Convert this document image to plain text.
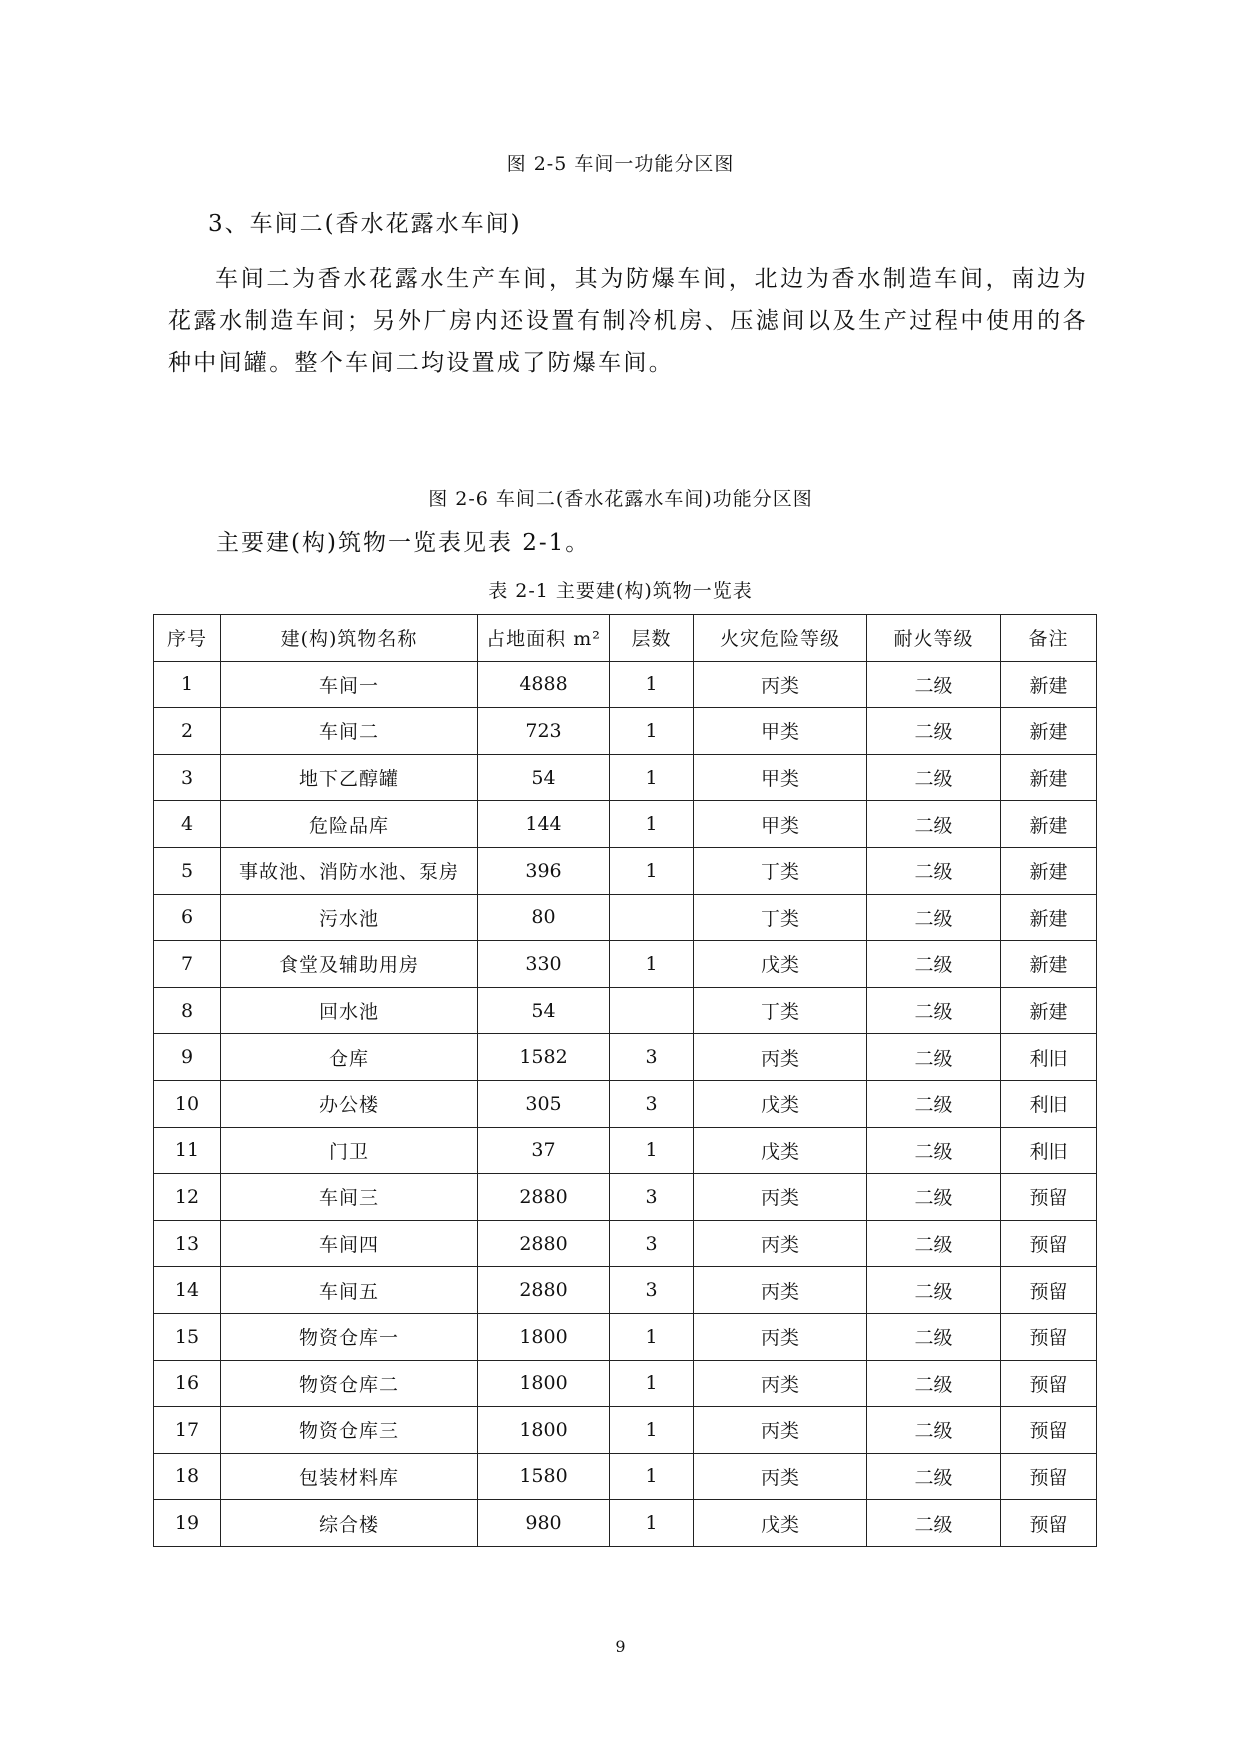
图 2-5 车间一功能分区图
3、车间二(香水花露水车间)

车间二为香水花露水生产车间，其为防爆车间，北边为香水制造车间，南边为花露水制造车间；另外厂房内还设置有制冷机房、压滤间以及生产过程中使用的各种中间罐。整个车间二均设置成了防爆车间。

图 2-6 车间二(香水花露水车间)功能分区图
主要建(构)筑物一览表见表 2-1。
表 2-1 主要建(构)筑物一览表
序号	建(构)筑物名称	占地面积 m²	层数	火灾危险等级	耐火等级	备注
1	车间一	4888	1	丙类	二级	新建
2	车间二	723	1	甲类	二级	新建
3	地下乙醇罐	54	1	甲类	二级	新建
4	危险品库	144	1	甲类	二级	新建
5	事故池、消防水池、泵房	396	1	丁类	二级	新建
6	污水池	80		丁类	二级	新建
7	食堂及辅助用房	330	1	戊类	二级	新建
8	回水池	54		丁类	二级	新建
9	仓库	1582	3	丙类	二级	利旧
10	办公楼	305	3	戊类	二级	利旧
11	门卫	37	1	戊类	二级	利旧
12	车间三	2880	3	丙类	二级	预留
13	车间四	2880	3	丙类	二级	预留
14	车间五	2880	3	丙类	二级	预留
15	物资仓库一	1800	1	丙类	二级	预留
16	物资仓库二	1800	1	丙类	二级	预留
17	物资仓库三	1800	1	丙类	二级	预留
18	包装材料库	1580	1	丙类	二级	预留
19	综合楼	980	1	戊类	二级	预留
9
